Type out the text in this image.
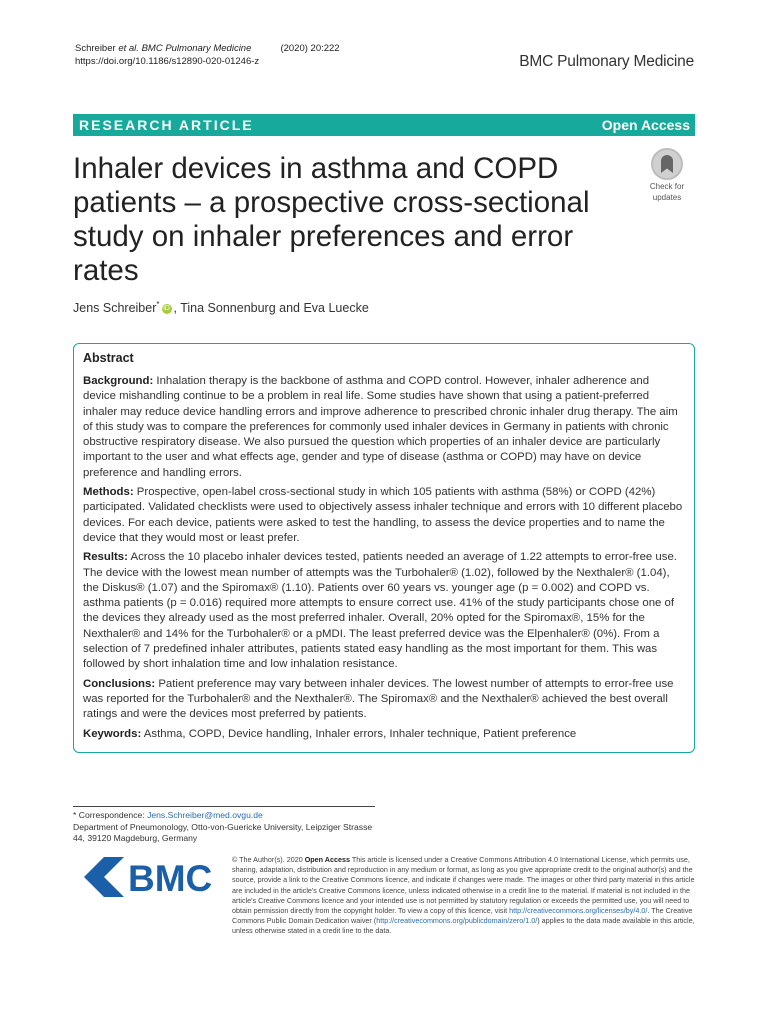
Schreiber et al. BMC Pulmonary Medicine	(2020) 20:222
https://doi.org/10.1186/s12890-020-01246-z	BMC Pulmonary Medicine
RESEARCH ARTICLE	Open Access
Inhaler devices in asthma and COPD patients – a prospective cross-sectional study on inhaler preferences and error rates
Check for
updates
Jens Schreiber* iD , Tina Sonnenburg and Eva Luecke
Abstract

Background: Inhalation therapy is the backbone of asthma and COPD control. However, inhaler adherence and device mishandling continue to be a problem in real life. Some studies have shown that using a patient-preferred inhaler may reduce device handling errors and improve adherence to prescribed chronic inhaler drug therapy. The aim of this study was to compare the preferences for commonly used inhaler devices in Germany in patients with chronic obstructive respiratory disease. We also pursued the question which properties of an inhaler device are particularly important to the user and what effects age, gender and type of disease (asthma or COPD) may have on device preference and handling errors.

Methods: Prospective, open-label cross-sectional study in which 105 patients with asthma (58%) or COPD (42%) participated. Validated checklists were used to objectively assess inhaler technique and errors with 10 different placebo devices. For each device, patients were asked to test the handling, to assess the device properties and to name the device that they would most or least prefer.

Results: Across the 10 placebo inhaler devices tested, patients needed an average of 1.22 attempts to error-free use. The device with the lowest mean number of attempts was the Turbohaler® (1.02), followed by the Nexthaler® (1.04), the Diskus® (1.07) and the Spiromax® (1.10). Patients over 60 years vs. younger age (p = 0.002) and COPD vs. asthma patients (p = 0.016) required more attempts to ensure correct use. 41% of the study participants chose one of the devices they already used as the most preferred inhaler. Overall, 20% opted for the Spiromax®, 15% for the Nexthaler® and 14% for the Turbohaler® or a pMDI. The least preferred device was the Elpenhaler® (0%). From a selection of 7 predefined inhaler attributes, patients stated easy handling as the most important for them. This was followed by short inhalation time and low inhalation resistance.

Conclusions: Patient preference may vary between inhaler devices. The lowest number of attempts to error-free use was reported for the Turbohaler® and the Nexthaler®. The Spiromax® and the Nexthaler® achieved the best overall ratings and were the devices most preferred by patients.

Keywords: Asthma, COPD, Device handling, Inhaler errors, Inhaler technique, Patient preference

* Correspondence: Jens.Schreiber@med.ovgu.de
Department of Pneumonology, Otto-von-Guericke University, Leipziger Strasse 44, 39120 Magdeburg, Germany
BMC	© The Author(s). 2020 Open Access This article is licensed under a Creative Commons Attribution 4.0 International License, which permits use, sharing, adaptation, distribution and reproduction in any medium or format, as long as you give appropriate credit to the original author(s) and the source, provide a link to the Creative Commons licence, and indicate if changes were made. The images or other third party material in this article are included in the article's Creative Commons licence, unless indicated otherwise in a credit line to the material. If material is not included in the article's Creative Commons licence and your intended use is not permitted by statutory regulation or exceeds the permitted use, you will need to obtain permission directly from the copyright holder. To view a copy of this licence, visit http://creativecommons.org/licenses/by/4.0/. The Creative Commons Public Domain Dedication waiver (http://creativecommons.org/publicdomain/zero/1.0/) applies to the data made available in this article, unless otherwise stated in a credit line to the data.
